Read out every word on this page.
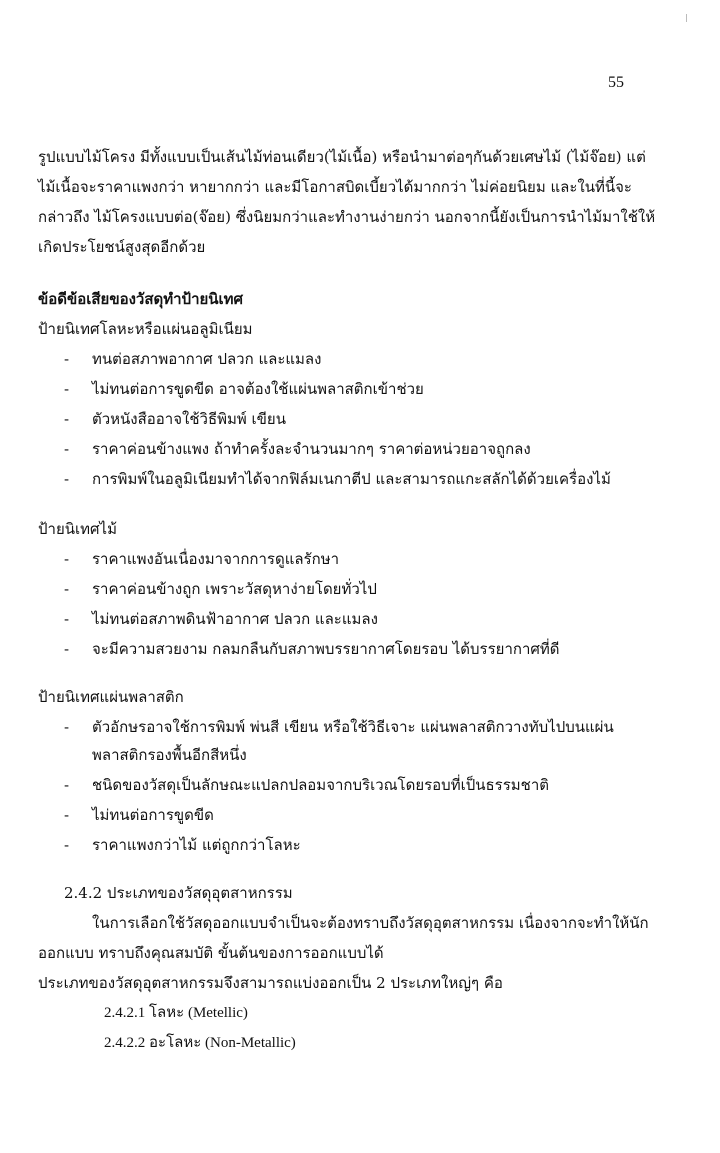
55
รูปแบบไม้โครง มีทั้งแบบเป็นเส้นไม้ท่อนเดียว(ไม้เนื้อ) หรือนำมาต่อๆกันด้วยเศษไม้ (ไม้จ๊อย) แต่
ไม้เนื้อจะราคาแพงกว่า หายากกว่า และมีโอกาสบิดเบี้ยวได้มากกว่า ไม่ค่อยนิยม และในที่นี้จะ
กล่าวถึง ไม้โครงแบบต่อ(จ๊อย) ซึ่งนิยมกว่าและทำงานง่ายกว่า นอกจากนี้ยังเป็นการนำไม้มาใช้ให้
เกิดประโยชน์สูงสุดอีกด้วย
ข้อดีข้อเสียของวัสดุทำป้ายนิเทศ
ป้ายนิเทศโลหะหรือแผ่นอลูมิเนียม
- ทนต่อสภาพอากาศ ปลวก และแมลง
- ไม่ทนต่อการขูดขีด อาจต้องใช้แผ่นพลาสติกเข้าช่วย
- ตัวหนังสืออาจใช้วิธีพิมพ์ เขียน
- ราคาค่อนข้างแพง ถ้าทำครั้งละจำนวนมากๆ ราคาต่อหน่วยอาจถูกลง
- การพิมพ์ในอลูมิเนียมทำได้จากฟิล์มเนกาตีป และสามารถแกะสลักได้ด้วยเครื่องไม้
ป้ายนิเทศไม้
- ราคาแพงอันเนื่องมาจากการดูแลรักษา
- ราคาค่อนข้างถูก เพราะวัสดุหาง่ายโดยทั่วไป
- ไม่ทนต่อสภาพดินฟ้าอากาศ ปลวก และแมลง
- จะมีความสวยงาม กลมกลืนกับสภาพบรรยากาศโดยรอบ ได้บรรยากาศที่ดี
ป้ายนิเทศแผ่นพลาสติก
- ตัวอักษรอาจใช้การพิมพ์ พ่นสี เขียน หรือใช้วิธีเจาะ แผ่นพลาสติกวางทับไปบนแผ่น
พลาสติกรองพื้นอีกสีหนึ่ง
- ชนิดของวัสดุเป็นลักษณะแปลกปลอมจากบริเวณโดยรอบที่เป็นธรรมชาติ
- ไม่ทนต่อการขูดขีด
- ราคาแพงกว่าไม้ แต่ถูกกว่าโลหะ
2.4.2 ประเภทของวัสดุอุตสาหกรรม
ในการเลือกใช้วัสดุออกแบบจำเป็นจะต้องทราบถึงวัสดุอุตสาหกรรม เนื่องจากจะทำให้นัก
ออกแบบ ทราบถึงคุณสมบัติ ขั้นต้นของการออกแบบได้
ประเภทของวัสดุอุตสาหกรรมจึงสามารถแบ่งออกเป็น 2 ประเภทใหญ่ๆ คือ
2.4.2.1 โลหะ (Metellic)
2.4.2.2 อะโลหะ (Non-Metallic)
